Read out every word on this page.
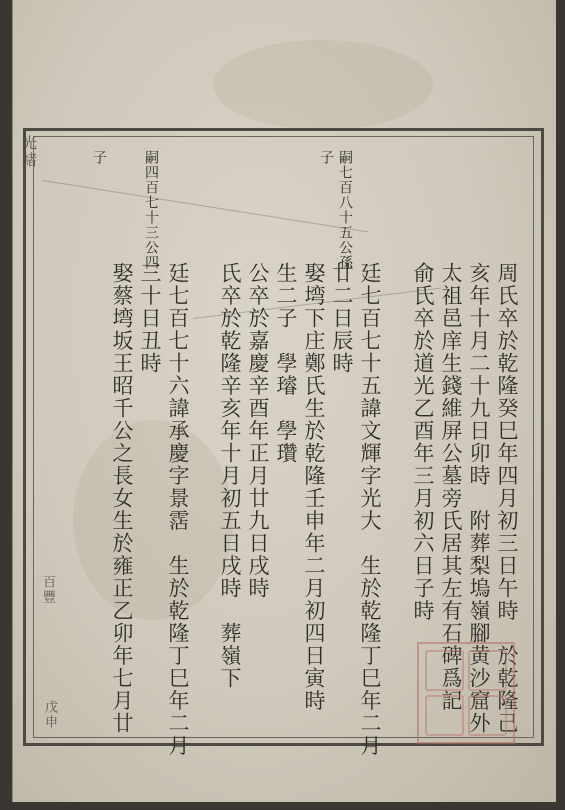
光緒
百豐
戊申
嗣七百八十五公孫
子
嗣四百七十三公四
子
周氏卒於乾隆癸巳年四月初三日午時　於乾隆己
亥年十月二十九日卯時　附葬梨塢嶺腳黄沙窟外
太祖邑庠生錢維屏公墓旁氏居其左有石碑爲記
俞氏卒於道光乙酉年三月初六日子時
廷七百七十五諱文輝字光大　生於乾隆丁巳年二月
廿二日辰時
娶塆下庄鄭氏生於乾隆壬申年二月初四日寅時
生二子　學璿　學瓚
公卒於嘉慶辛酉年正月廿九日戌時
氏卒於乾隆辛亥年十月初五日戌時　葬嶺下
廷七百七十六諱承慶字景霑　生於乾隆丁巳年二月
三十日丑時
娶蔡塆坂王昭千公之長女生於雍正乙卯年七月廿
